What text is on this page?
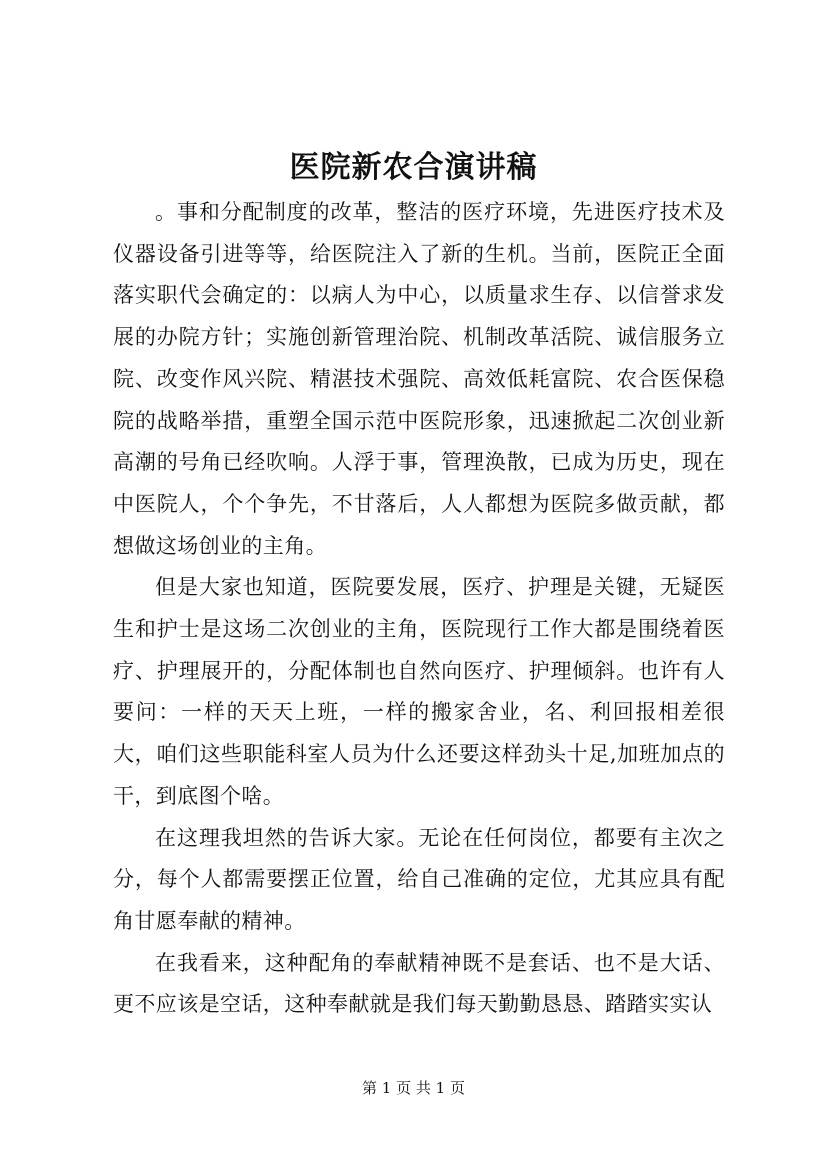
医院新农合演讲稿

。事和分配制度的改革，整洁的医疗环境，先进医疗技术及仪器设备引进等等，给医院注入了新的生机。当前，医院正全面落实职代会确定的：以病人为中心，以质量求生存、以信誉求发展的办院方针；实施创新管理治院、机制改革活院、诚信服务立院、改变作风兴院、精湛技术强院、高效低耗富院、农合医保稳院的战略举措，重塑全国示范中医院形象，迅速掀起二次创业新高潮的号角已经吹响。人浮于事，管理涣散，已成为历史，现在中医院人，个个争先，不甘落后，人人都想为医院多做贡献，都想做这场创业的主角。

但是大家也知道，医院要发展，医疗、护理是关键，无疑医生和护士是这场二次创业的主角，医院现行工作大都是围绕着医疗、护理展开的，分配体制也自然向医疗、护理倾斜。也许有人要问：一样的天天上班，一样的搬家舍业，名、利回报相差很大，咱们这些职能科室人员为什么还要这样劲头十足,加班加点的干，到底图个啥。

在这理我坦然的告诉大家。无论在任何岗位，都要有主次之分，每个人都需要摆正位置，给自己准确的定位，尤其应具有配角甘愿奉献的精神。

在我看来，这种配角的奉献精神既不是套话、也不是大话、更不应该是空话，这种奉献就是我们每天勤勤恳恳、踏踏实实认

第 1 页 共 1 页
